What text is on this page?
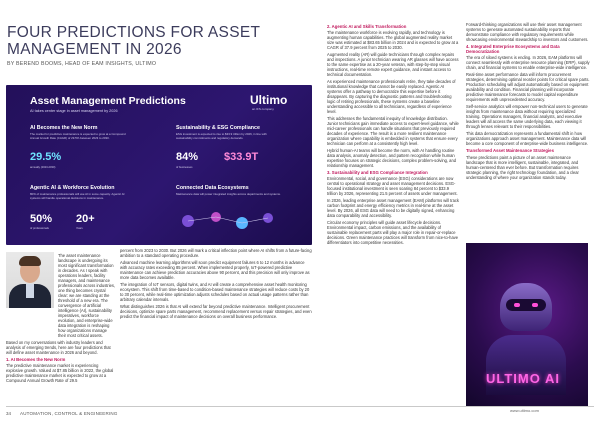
FOUR PREDICTIONS FOR ASSET MANAGEMENT IN 2026
BY BEREND BOOMS, HEAD OF EAM INSIGHTS, ULTIMO
Asset Management Predictions
AI takes center stage in asset management by 2026
Ultimo
an IFS company
AI Becomes the New Norm
The market for predictive maintenance is expected to grow at a Compound Annual Growth Rate (CAGR) of 29.5% between 2023 to 2030.
29.5%
annually (2023-2030)
Sustainability & ESG Compliance
ESG investment is expected to rise to $33.9 trillion by 2026, in line with sustainability commitments and regulatory demands.
84% $33.9T
of businesses
Agentic AI & Workforce Evolution
80% of maintenance professionals will use AI in some capacity. Agentic AI systems will handle operational decisions in maintenance.
50% 20+
of professionals	Years
Connected Data Ecosystems
Maintenance data will power integrated insights across departments and systems.

The asset maintenance landscape is undergoing its most significant transformation in decades. As I speak with operations leaders, facility managers, and maintenance professionals across industries, one thing becomes crystal clear: we are standing at the threshold of a new era. The convergence of artificial intelligence (AI), sustainability imperatives, workforce evolution, and enterprise-wide data integration is reshaping how organizations manage their most critical assets.

Based on my conversations with industry leaders and analysis of emerging trends, here are four predictions that will define asset maintenance in 2026 and beyond.

1. AI Becomes the New Norm

The predictive maintenance market is experiencing explosive growth. Valued at $7.85 billion in 2022, the global predictive maintenance market is expected to grow at a Compound Annual Growth Rate of 29.5

percent from 2023 to 2030. But 2026 will mark a critical inflection point where AI shifts from a future-facing ambition to a standard operating procedure.

Advanced machine learning algorithms will soon predict equipment failures 6 to 12 months in advance with accuracy rates exceeding 85 percent. When implemented properly, IoT-powered predictive maintenance can achieve prediction accuracies above 90 percent, and this precision will only improve as more data becomes available.

The integration of IoT sensors, digital twins, and AI will create a comprehensive asset health monitoring ecosystem. This shift from time-based to condition-based maintenance strategies will reduce costs by 20 to 30 percent, while real-time optimization adjusts schedules based on actual usage patterns rather than arbitrary calendar intervals.

What distinguishes 2026 is that AI will extend far beyond predictive maintenance. Intelligent procurement decisions, optimize spare parts management, recommend replacement versus repair strategies, and even predict the financial impact of maintenance decisions on overall business performance.

2. Agentic AI and Skills Transformation

The maintenance workforce is evolving rapidly, and technology is augmenting human capabilities. The global augmented reality market size was estimated at $83.65 billion in 2024 and is expected to grow at a CAGR of 37.9 percent from 2025 to 2030.

Augmented reality (AR) will guide technicians through complex repairs and inspections. A junior technician wearing AR glasses will have access to the same expertise as a 20-year veteran, with step-by-step visual instructions, real-time remote expert guidance, and instant access to technical documentation.

As experienced maintenance professionals retire, they take decades of institutional knowledge that cannot be easily replaced. Agentic AI systems offer a pathway to democratize this expertise before it disappears. By capturing the diagnostic patterns and troubleshooting logic of retiring professionals, these systems create a baseline understanding accessible to all technicians, regardless of experience level.

This addresses the fundamental inequity of knowledge distribution. Junior technicians gain immediate access to expert-level guidance, while mid-career professionals can handle situations that previously required decades of experience. The result is a more resilient maintenance organization where capability is embedded in systems that ensure every technician can perform at a consistently high level.

Hybrid human-AI teams will become the norm, with AI handling routine data analysis, anomaly detection, and pattern recognition while human expertise focuses on strategic decisions, complex problem-solving, and relationship management.

3. Sustainability and ESG Compliance Integration

Environmental, social, and governance (ESG) considerations are now central to operational strategy and asset management decisions. ESG-focused institutional investment is seen soaring 84 percent to $33.9 trillion by 2026, representing 21.5 percent of assets under management.

In 2026, leading enterprise asset management (EAM) platforms will track carbon footprint and energy efficiency metrics in real-time at the asset level. By 2026, all ESG data will need to be digitally signed, enhancing data comparability and accessibility.

Circular economy principles will guide asset lifecycle decisions. Environmental impact, carbon emissions, and the availability of sustainable replacement parts will play a major role in repair-or-replace decisions. Green maintenance practices will transform from nice-to-have differentiators into competitive necessities.

Forward-thinking organizations will use their asset management systems to generate automated sustainability reports that demonstrate compliance with regulatory requirements while showcasing environmental stewardship to investors and customers.

4. Integrated Enterprise Ecosystems and Data Democratization

The era of siloed systems is ending. In 2026, EAM platforms will connect seamlessly with enterprise resource planning (ERP), supply chain, and financial systems to enable enterprise-wide intelligence.

Real-time asset performance data will inform procurement strategies, determining optimal reorder points for critical spare parts. Production scheduling will adjust automatically based on equipment availability and condition. Financial planning will incorporate predictive maintenance forecasts to model capital expenditure requirements with unprecedented accuracy.

Self-service analytics will empower non-technical users to generate insights from maintenance data without requiring specialized training. Operations managers, financial analysts, and executive leaders will all access the same underlying data, each viewing it through lenses relevant to their responsibilities.

This data democratization represents a fundamental shift in how organizations approach asset management. Maintenance data will become a core component of enterprise-wide business intelligence.

Transformed Asset Maintenance Strategies

These predictions paint a picture of an asset maintenance landscape that is more intelligent, sustainable, integrated, and human-centered than ever before. But transformation requires strategic planning, the right technology foundation, and a clear understanding of where your organization stands today.

ULTIMO AI
www.ultimo.com
34 AUTOMATION, CONTROL & ENGINEERING
